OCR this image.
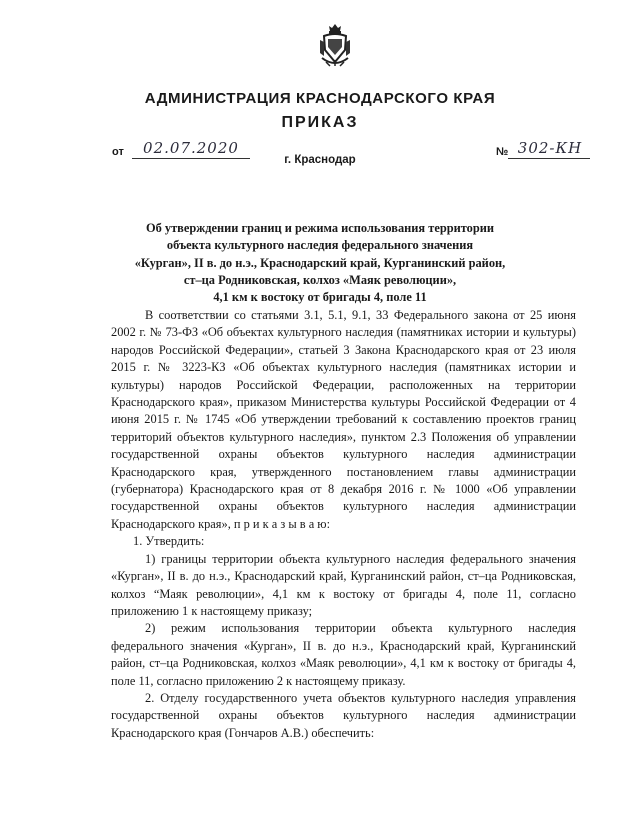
АДМИНИСТРАЦИЯ КРАСНОДАРСКОГО КРАЯ
ПРИКАЗ
от	02.07.2020	№ 302-КН
г. Краснодар
Об утверждении границ и режима использования территории
объекта культурного наследия федерального значения
«Курган», II в. до н.э., Краснодарский край, Курганинский район,
ст–ца Родниковская, колхоз «Маяк революции»,
4,1 км к востоку от бригады 4, поле 11

В соответствии со статьями 3.1, 5.1, 9.1, 33 Федерального закона от 25 июня 2002 г. № 73-ФЗ «Об объектах культурного наследия (памятниках истории и культуры) народов Российской Федерации», статьей 3 Закона Краснодарского края от 23 июля 2015 г. № 3223-КЗ «Об объектах культурного наследия (памятниках истории и культуры) народов Российской Федерации, расположенных на территории Краснодарского края», приказом Министерства культуры Российской Федерации от 4 июня 2015 г. № 1745 «Об утверждении требований к составлению проектов границ территорий объектов культурного наследия», пунктом 2.3 Положения об управлении государственной охраны объектов культурного наследия администрации Краснодарского края, утвержденного постановлением главы администрации (губернатора) Краснодарского края от 8 декабря 2016 г. № 1000 «Об управлении государственной охраны объектов культурного наследия администрации Краснодарского края», п р и к а з ы в а ю:

1. Утвердить:

1) границы территории объекта культурного наследия федерального значения «Курган», II в. до н.э., Краснодарский край, Курганинский район, ст–ца Родниковская, колхоз “Маяк революции», 4,1 км к востоку от бригады 4, поле 11, согласно приложению 1 к настоящему приказу;

2) режим использования территории объекта культурного наследия федерального значения «Курган», II в. до н.э., Краснодарский край, Курганинский район, ст–ца Родниковская, колхоз «Маяк революции», 4,1 км к востоку от бригады 4, поле 11, согласно приложению 2 к настоящему приказу.

2. Отделу государственного учета объектов культурного наследия управления государственной охраны объектов культурного наследия администрации Краснодарского края (Гончаров А.В.) обеспечить:
